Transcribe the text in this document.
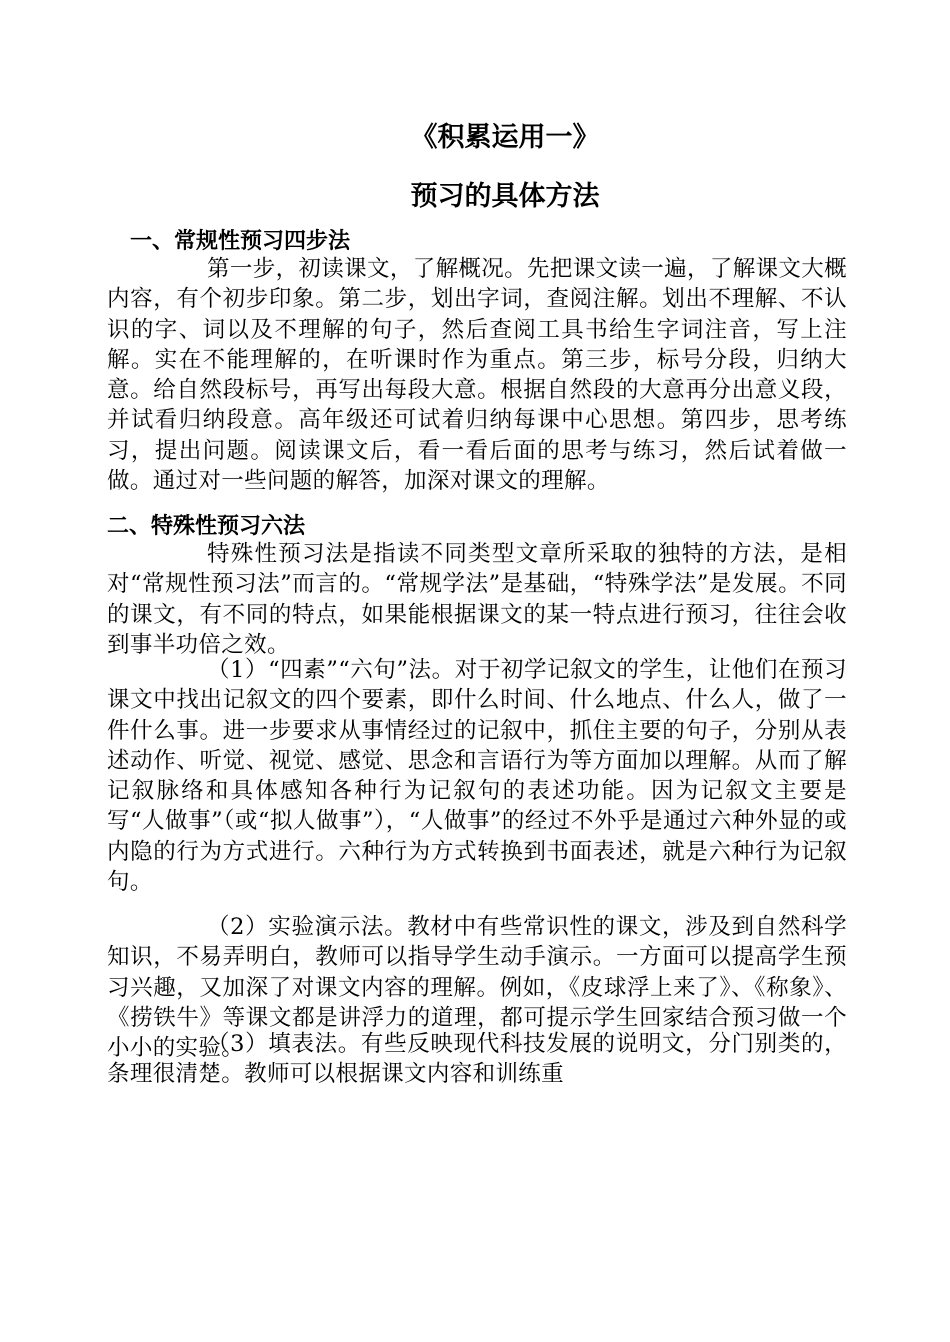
《积累运用一》
预习的具体方法
一、常规性预习四步法

第一步，初读课文，了解概况。先把课文读一遍，了解课文大概内容，有个初步印象。第二步，划出字词，查阅注解。划出不理解、不认识的字、词以及不理解的句子，然后查阅工具书给生字词注音，写上注解。实在不能理解的，在听课时作为重点。第三步，标号分段，归纳大意。给自然段标号，再写出每段大意。根据自然段的大意再分出意义段，并试看归纳段意。高年级还可试着归纳每课中心思想。第四步，思考练习，提出问题。阅读课文后，看一看后面的思考与练习，然后试着做一做。通过对一些问题的解答，加深对课文的理解。

二、特殊性预习六法

特殊性预习法是指读不同类型文章所采取的独特的方法，是相对“常规性预习法”而言的。“常规学法”是基础，“特殊学法”是发展。不同的课文，有不同的特点，如果能根据课文的某一特点进行预习，往往会收到事半功倍之效。

（1）“四素”“六句”法。对于初学记叙文的学生，让他们在预习课文中找出记叙文的四个要素，即什么时间、什么地点、什么人，做了一件什么事。进一步要求从事情经过的记叙中，抓住主要的句子，分别从表述动作、听觉、视觉、感觉、思念和言语行为等方面加以理解。从而了解记叙脉络和具体感知各种行为记叙句的表述功能。因为记叙文主要是写“人做事”（或“拟人做事”），“人做事”的经过不外乎是通过六种外显的或内隐的行为方式进行。六种行为方式转换到书面表述，就是六种行为记叙句。

（2）实验演示法。教材中有些常识性的课文，涉及到自然科学知识，不易弄明白，教师可以指导学生动手演示。一方面可以提高学生预习兴趣，又加深了对课文内容的理解。例如，《皮球浮上来了》、《称象》、《捞铁牛》等课文都是讲浮力的道理，都可提示学生回家结合预习做一个小小的实验。

（3）填表法。有些反映现代科技发展的说明文，分门别类的，条理很清楚。教师可以根据课文内容和训练重
